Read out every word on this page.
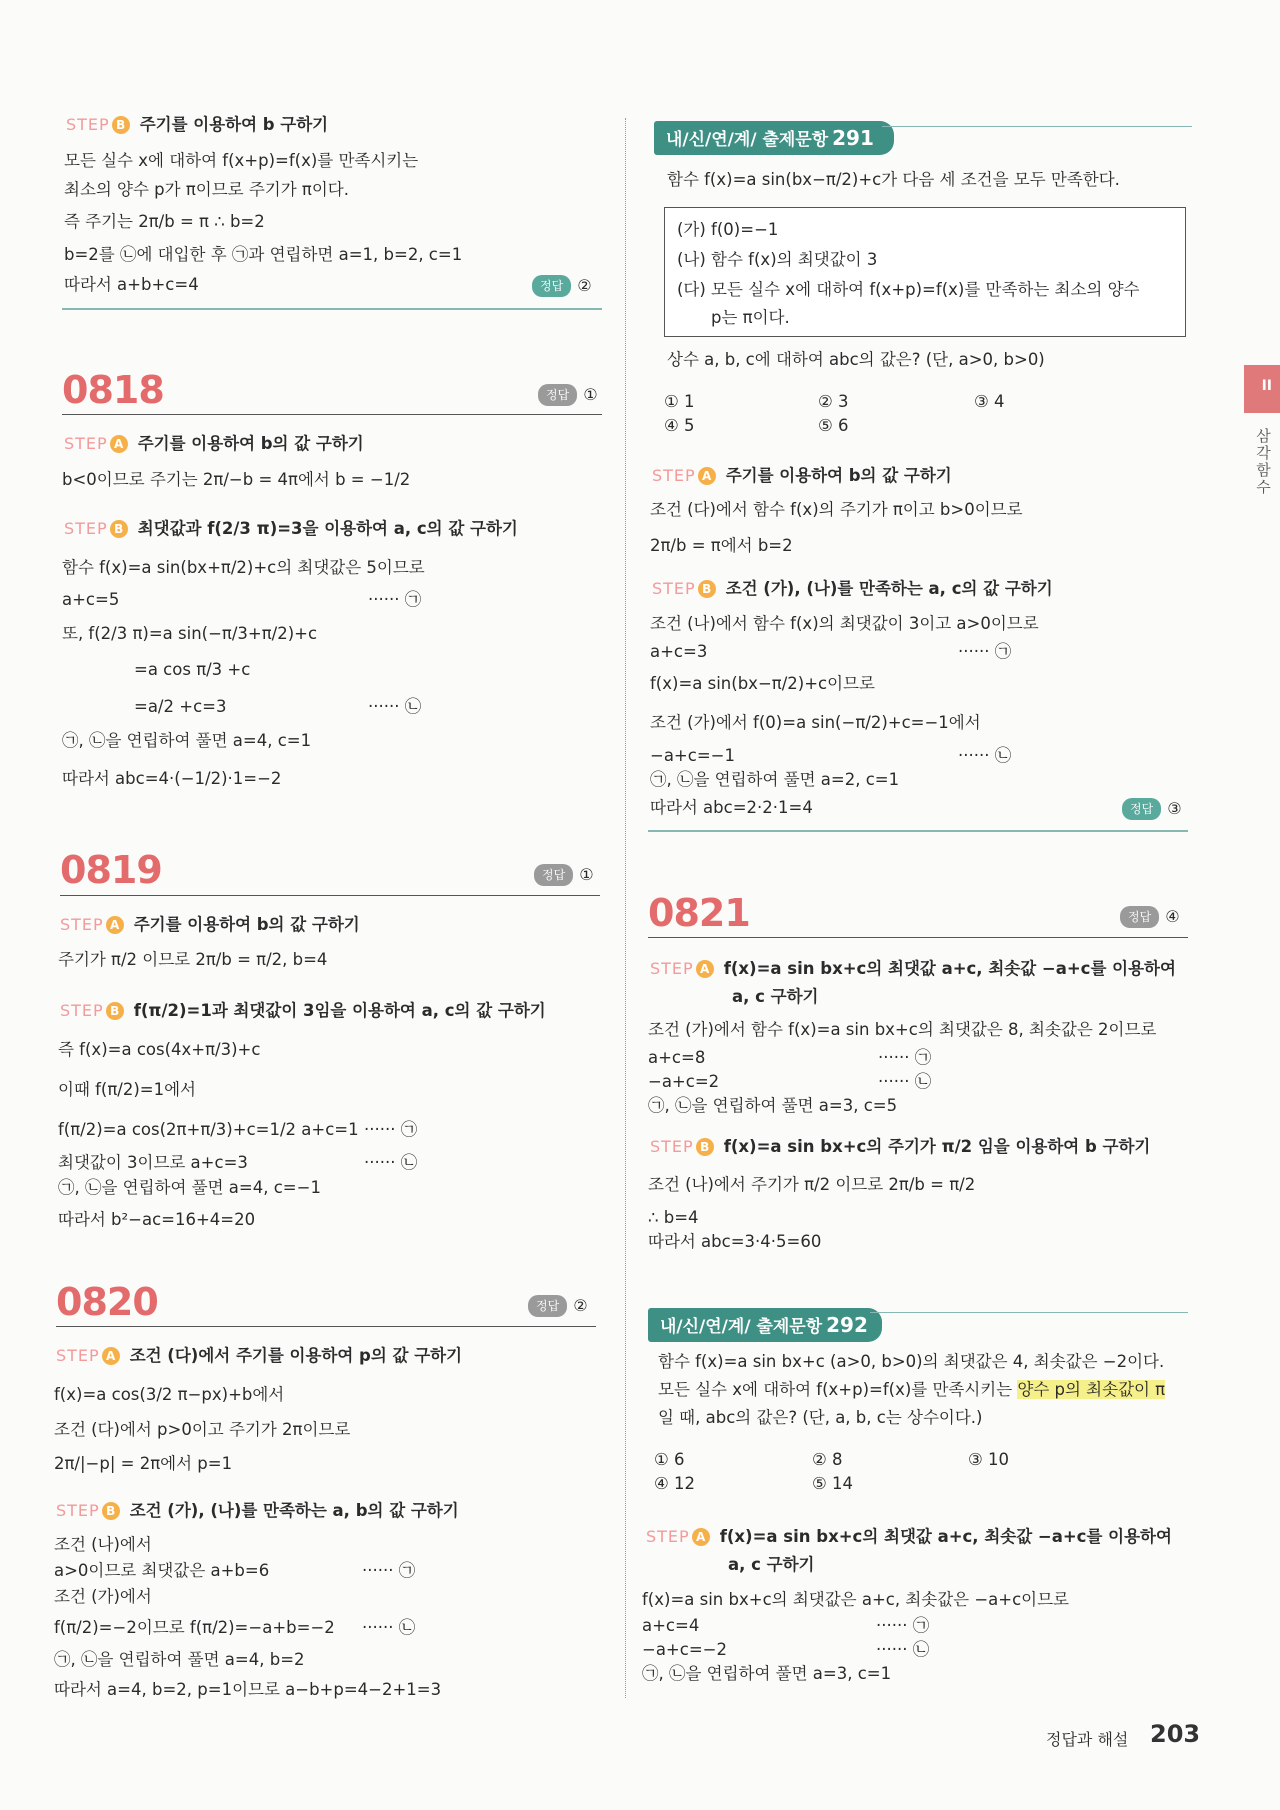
STEP B 주기를 이용하여 b 구하기
모든 실수 x에 대하여 f(x+p)=f(x)를 만족시키는
최소의 양수 p가 π이므로 주기가 π이다.
즉 주기는 2π/b = π ∴ b=2
b=2를 ㉡에 대입한 후 ㉠과 연립하면 a=1, b=2, c=1
따라서 a+b+c=4	정답 ②
0818	정답 ①
STEP A 주기를 이용하여 b의 값 구하기
b<0이므로 주기는 2π/−b = 4π에서 b = −1/2
STEP B 최댓값과 f(2/3 π)=3을 이용하여 a, c의 값 구하기
함수 f(x)=a sin(bx+π/2)+c의 최댓값은 5이므로
a+c=5	······ ㉠
또, f(2/3 π)=a sin(−π/3+π/2)+c
=a cos π/3 +c
=a/2 +c=3	······ ㉡
㉠, ㉡을 연립하여 풀면 a=4, c=1
따라서 abc=4·(−1/2)·1=−2
0819	정답 ①
STEP A 주기를 이용하여 b의 값 구하기
주기가 π/2 이므로 2π/b = π/2, b=4
STEP B f(π/2)=1과 최댓값이 3임을 이용하여 a, c의 값 구하기
즉 f(x)=a cos(4x+π/3)+c
이때 f(π/2)=1에서
f(π/2)=a cos(2π+π/3)+c=1/2 a+c=1 ······ ㉠
최댓값이 3이므로 a+c=3	······ ㉡
㉠, ㉡을 연립하여 풀면 a=4, c=−1
따라서 b²−ac=16+4=20
0820	정답 ②
STEP A 조건 (다)에서 주기를 이용하여 p의 값 구하기
f(x)=a cos(3/2 π−px)+b에서
조건 (다)에서 p>0이고 주기가 2π이므로
2π/|−p| = 2π에서 p=1
STEP B 조건 (가), (나)를 만족하는 a, b의 값 구하기
조건 (나)에서
a>0이므로 최댓값은 a+b=6	······ ㉠
조건 (가)에서
f(π/2)=−2이므로 f(π/2)=−a+b=−2 ······ ㉡
㉠, ㉡을 연립하여 풀면 a=4, b=2
따라서 a=4, b=2, p=1이므로 a−b+p=4−2+1=3
내/신/연/계/ 출제문항 291
함수 f(x)=a sin(bx−π/2)+c가 다음 세 조건을 모두 만족한다.
(가) f(0)=−1
(나) 함수 f(x)의 최댓값이 3
(다) 모든 실수 x에 대하여 f(x+p)=f(x)를 만족하는 최소의 양수
p는 π이다.
상수 a, b, c에 대하여 abc의 값은? (단, a>0, b>0)
① 1	② 3	③ 4
④ 5	⑤ 6
STEP A 주기를 이용하여 b의 값 구하기
조건 (다)에서 함수 f(x)의 주기가 π이고 b>0이므로
2π/b = π에서 b=2
STEP B 조건 (가), (나)를 만족하는 a, c의 값 구하기
조건 (나)에서 함수 f(x)의 최댓값이 3이고 a>0이므로
a+c=3	······ ㉠
f(x)=a sin(bx−π/2)+c이므로
조건 (가)에서 f(0)=a sin(−π/2)+c=−1에서
−a+c=−1	······ ㉡
㉠, ㉡을 연립하여 풀면 a=2, c=1
따라서 abc=2·2·1=4	정답 ③
0821	정답 ④
STEP A f(x)=a sin bx+c의 최댓값 a+c, 최솟값 −a+c를 이용하여
a, c 구하기
조건 (가)에서 함수 f(x)=a sin bx+c의 최댓값은 8, 최솟값은 2이므로
a+c=8	······ ㉠
−a+c=2	······ ㉡
㉠, ㉡을 연립하여 풀면 a=3, c=5
STEP B f(x)=a sin bx+c의 주기가 π/2 임을 이용하여 b 구하기
조건 (나)에서 주기가 π/2 이므로 2π/b = π/2
∴ b=4
따라서 abc=3·4·5=60
내/신/연/계/ 출제문항 292
함수 f(x)=a sin bx+c (a>0, b>0)의 최댓값은 4, 최솟값은 −2이다.
모든 실수 x에 대하여 f(x+p)=f(x)를 만족시키는 양수 p의 최솟값이 π
일 때, abc의 값은? (단, a, b, c는 상수이다.)
① 6	② 8	③ 10
④ 12	⑤ 14
STEP A f(x)=a sin bx+c의 최댓값 a+c, 최솟값 −a+c를 이용하여
a, c 구하기
f(x)=a sin bx+c의 최댓값은 a+c, 최솟값은 −a+c이므로
a+c=4	······ ㉠
−a+c=−2	······ ㉡
㉠, ㉡을 연립하여 풀면 a=3, c=1
II
삼각함수
정답과 해설 203
